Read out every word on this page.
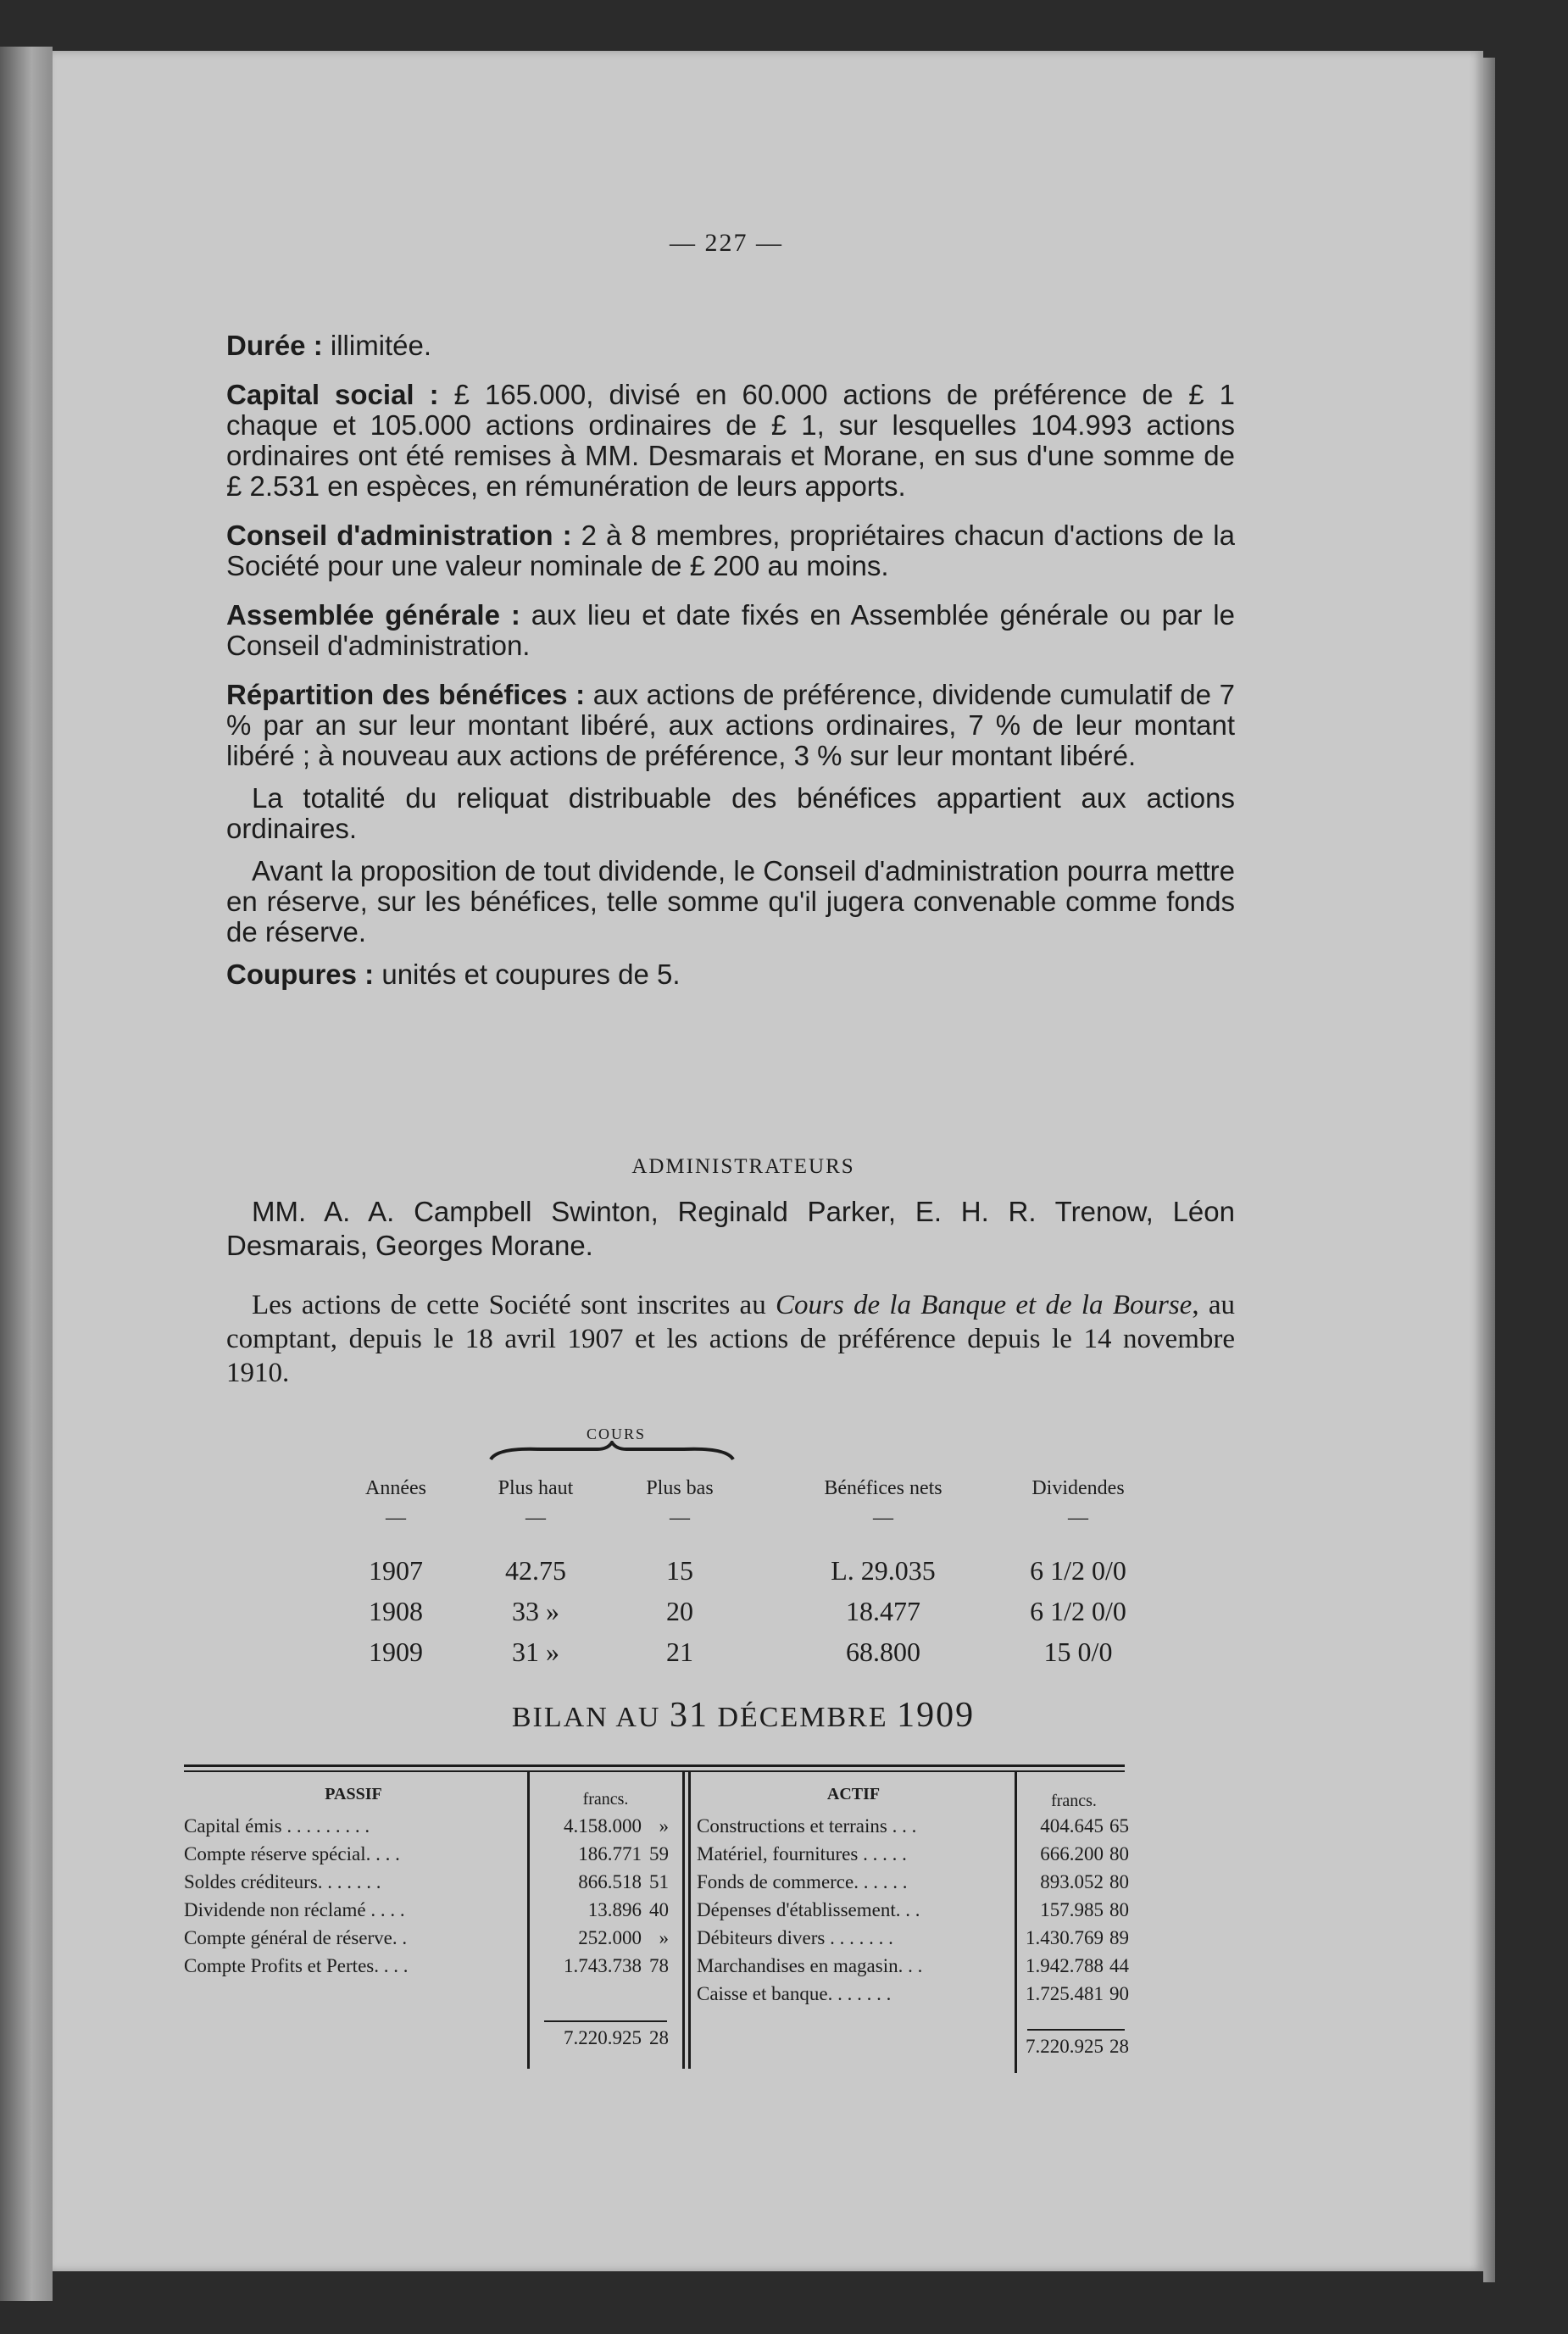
— 227 —

Durée : illimitée.

Capital social : £ 165.000, divisé en 60.000 actions de préférence de £ 1 chaque et 105.000 actions ordinaires de £ 1, sur lesquelles 104.993 actions ordinaires ont été remises à MM. Desmarais et Morane, en sus d'une somme de £ 2.531 en espèces, en rémunération de leurs apports.

Conseil d'administration : 2 à 8 membres, propriétaires chacun d'actions de la Société pour une valeur nominale de £ 200 au moins.

Assemblée générale : aux lieu et date fixés en Assemblée générale ou par le Conseil d'administration.

Répartition des bénéfices : aux actions de préférence, dividende cumulatif de 7 % par an sur leur montant libéré, aux actions ordinaires, 7 % de leur montant libéré ; à nouveau aux actions de préférence, 3 % sur leur montant libéré.

La totalité du reliquat distribuable des bénéfices appartient aux actions ordinaires.

Avant la proposition de tout dividende, le Conseil d'administration pourra mettre en réserve, sur les bénéfices, telle somme qu'il jugera convenable comme fonds de réserve.

Coupures : unités et coupures de 5.

ADMINISTRATEURS
MM. A. A. Campbell Swinton, Reginald Parker, E. H. R. Trenow, Léon Desmarais, Georges Morane.
Les actions de cette Société sont inscrites au Cours de la Banque et de la Bourse, au comptant, depuis le 18 avril 1907 et les actions de préférence depuis le 14 novembre 1910.
COURS
Années	Plus haut	Plus bas	Bénéfices nets	Dividendes
—	—	—	—	—
1907	42.75	15	L. 29.035	6 1/2 0/0
1908	33 »	20	18.477	6 1/2 0/0
1909	31 »	21	68.800	15 0/0
BILAN AU 31 DÉCEMBRE 1909
PASSIF	francs.	ACTIF	francs.
Capital émis . . . . . . . . .	4.158.000 »
Compte réserve spécial. . . .	186.771 59
Soldes créditeurs. . . . . . .	866.518 51
Dividende non réclamé . . . .	13.896 40
Compte général de réserve. .	252.000 »
Compte Profits et Pertes. . . .	1.743.738 78
7.220.925 28
Constructions et terrains . . .	404.645 65
Matériel, fournitures . . . . .	666.200 80
Fonds de commerce. . . . . .	893.052 80
Dépenses d'établissement. . .	157.985 80
Débiteurs divers . . . . . . .	1.430.769 89
Marchandises en magasin. . .	1.942.788 44
Caisse et banque. . . . . . .	1.725.481 90
7.220.925 28
